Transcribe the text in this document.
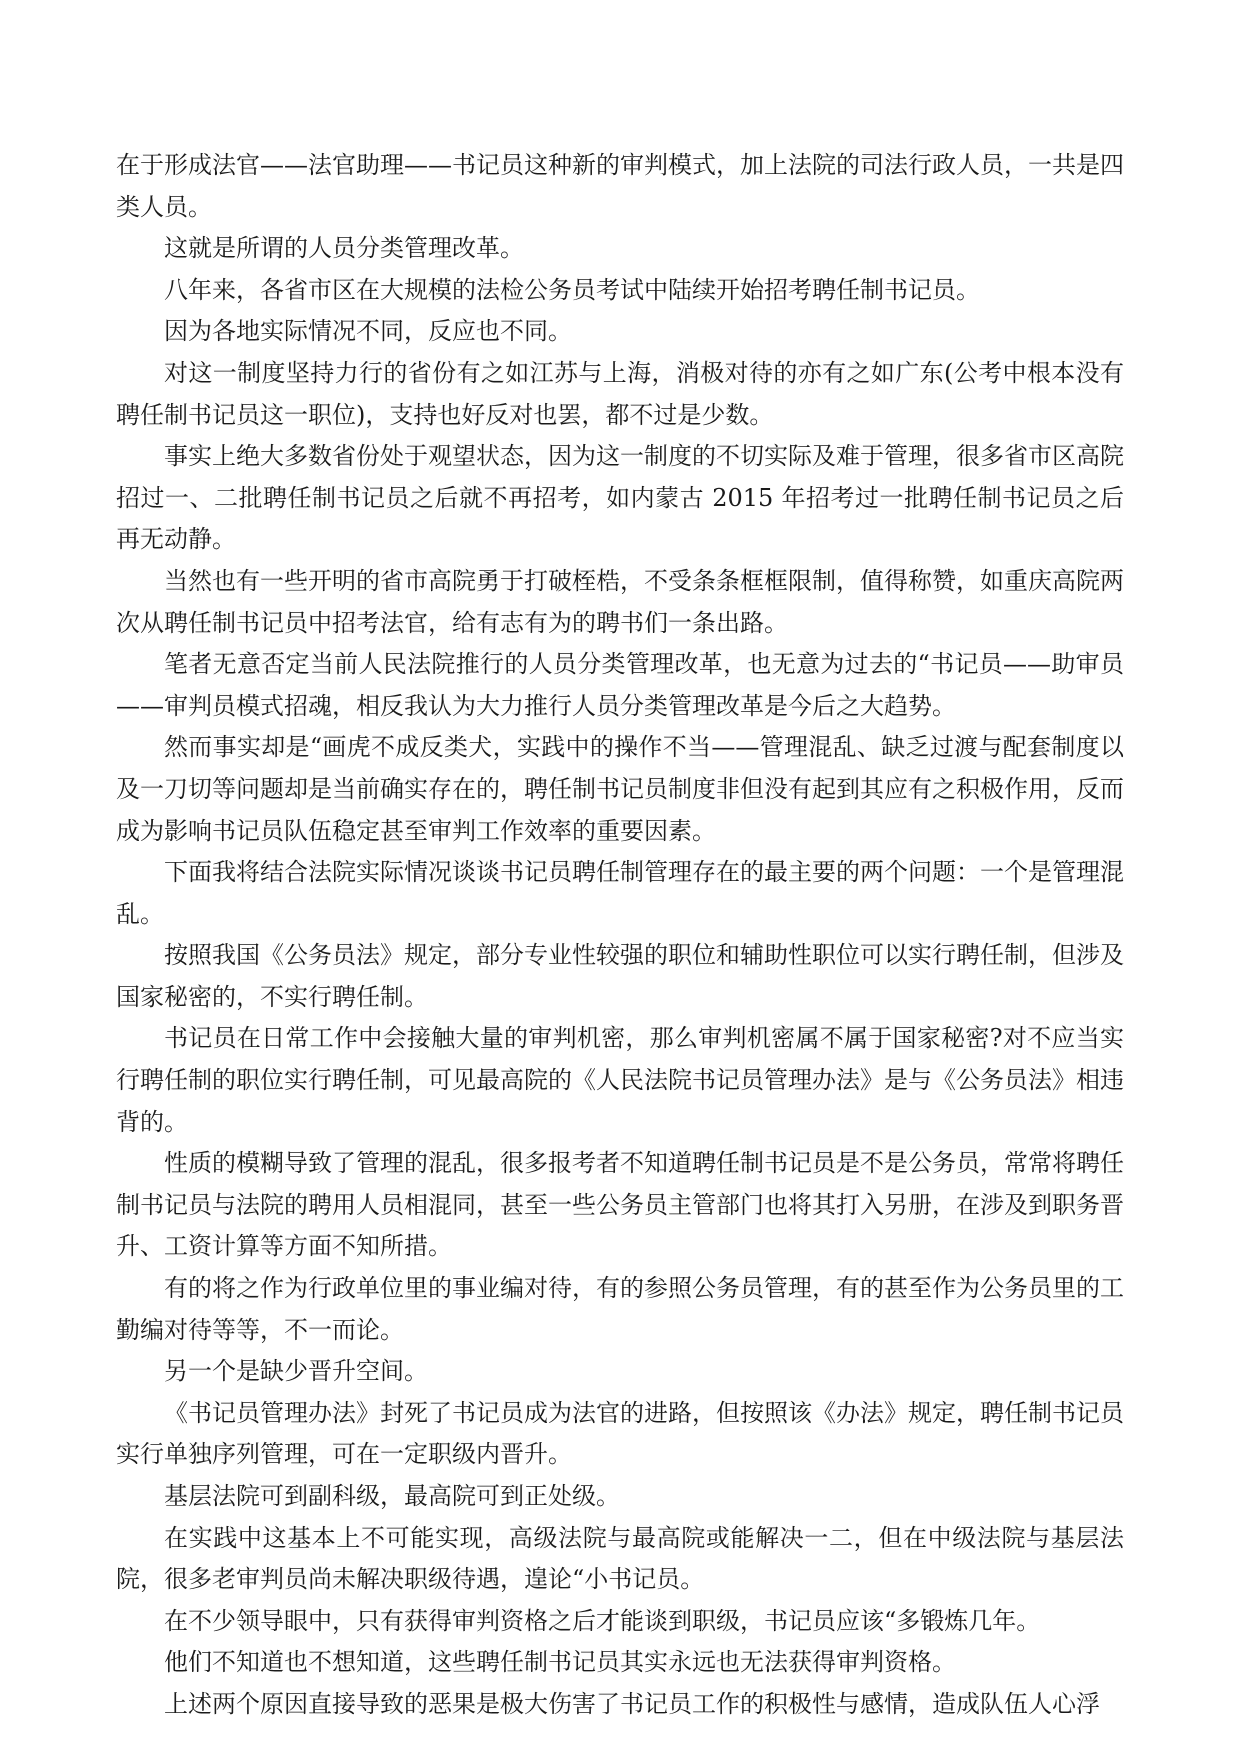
在于形成法官——法官助理——书记员这种新的审判模式，加上法院的司法行政人员，一共是四类人员。

这就是所谓的人员分类管理改革。

八年来，各省市区在大规模的法检公务员考试中陆续开始招考聘任制书记员。

因为各地实际情况不同，反应也不同。

对这一制度坚持力行的省份有之如江苏与上海，消极对待的亦有之如广东(公考中根本没有聘任制书记员这一职位)，支持也好反对也罢，都不过是少数。

事实上绝大多数省份处于观望状态，因为这一制度的不切实际及难于管理，很多省市区高院招过一、二批聘任制书记员之后就不再招考，如内蒙古 2015 年招考过一批聘任制书记员之后再无动静。

当然也有一些开明的省市高院勇于打破桎梏，不受条条框框限制，值得称赞，如重庆高院两次从聘任制书记员中招考法官，给有志有为的聘书们一条出路。

笔者无意否定当前人民法院推行的人员分类管理改革，也无意为过去的“书记员——助审员——审判员模式招魂，相反我认为大力推行人员分类管理改革是今后之大趋势。

然而事实却是“画虎不成反类犬，实践中的操作不当——管理混乱、缺乏过渡与配套制度以及一刀切等问题却是当前确实存在的，聘任制书记员制度非但没有起到其应有之积极作用，反而成为影响书记员队伍稳定甚至审判工作效率的重要因素。

下面我将结合法院实际情况谈谈书记员聘任制管理存在的最主要的两个问题：一个是管理混乱。

按照我国《公务员法》规定，部分专业性较强的职位和辅助性职位可以实行聘任制，但涉及国家秘密的，不实行聘任制。

书记员在日常工作中会接触大量的审判机密，那么审判机密属不属于国家秘密?对不应当实行聘任制的职位实行聘任制，可见最高院的《人民法院书记员管理办法》是与《公务员法》相违背的。

性质的模糊导致了管理的混乱，很多报考者不知道聘任制书记员是不是公务员，常常将聘任制书记员与法院的聘用人员相混同，甚至一些公务员主管部门也将其打入另册，在涉及到职务晋升、工资计算等方面不知所措。

有的将之作为行政单位里的事业编对待，有的参照公务员管理，有的甚至作为公务员里的工勤编对待等等，不一而论。

另一个是缺少晋升空间。

《书记员管理办法》封死了书记员成为法官的进路，但按照该《办法》规定，聘任制书记员实行单独序列管理，可在一定职级内晋升。

基层法院可到副科级，最高院可到正处级。

在实践中这基本上不可能实现，高级法院与最高院或能解决一二，但在中级法院与基层法院，很多老审判员尚未解决职级待遇，遑论“小书记员。

在不少领导眼中，只有获得审判资格之后才能谈到职级，书记员应该“多锻炼几年。

他们不知道也不想知道，这些聘任制书记员其实永远也无法获得审判资格。

上述两个原因直接导致的恶果是极大伤害了书记员工作的积极性与感情，造成队伍人心浮
